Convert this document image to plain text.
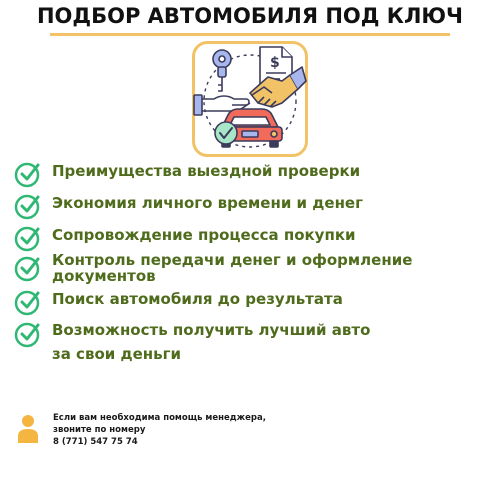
ПОДБОР АВТОМОБИЛЯ ПОД КЛЮЧ
$
Преимущества выездной проверки
Экономия личного времени и денег
Сопровождение процесса покупки
Контроль передачи денег и оформление документов
Поиск автомобиля до результата
Возможность получить лучший авто за свои деньги
Если вам необходима помощь менеджера,
звоните по номеру
8 (771) 547 75 74
